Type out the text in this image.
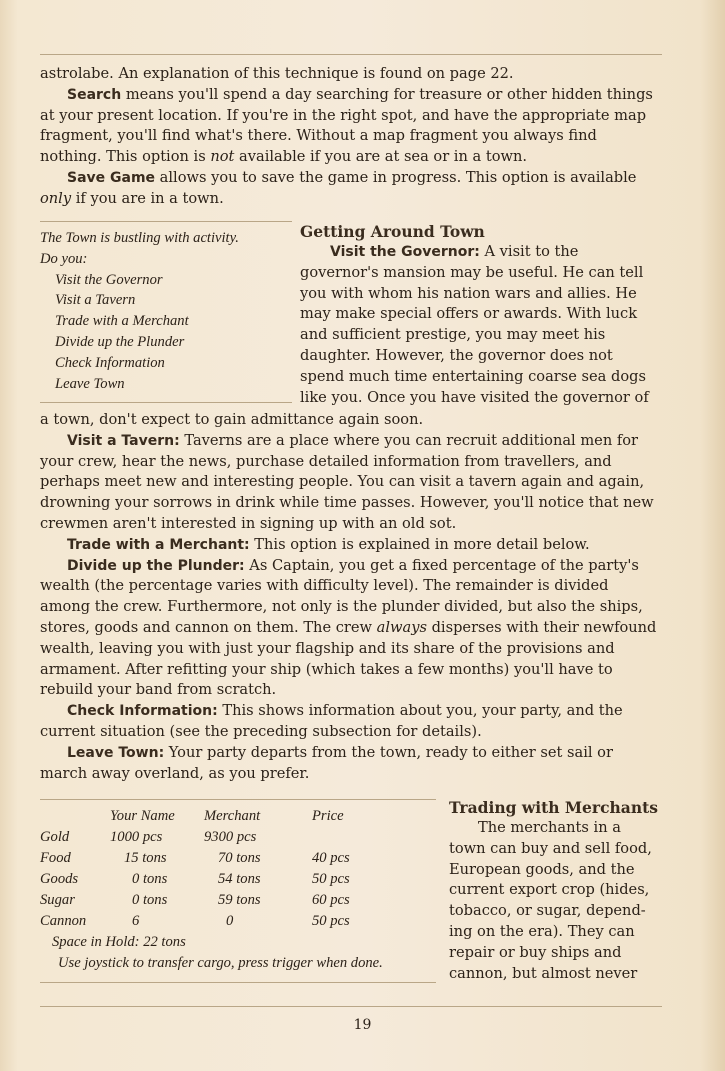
astrolabe. An explanation of this technique is found on page 22.

Search means you'll spend a day searching for treasure or other hidden things at your present location. If you're in the right spot, and have the appropriate map fragment, you'll find what's there. Without a map fragment you always find nothing. This option is not available if you are at sea or in a town.

Save Game allows you to save the game in progress. This option is available only if you are in a town.

The Town is bustling with activity.
Do you:
Visit the Governor
Visit a Tavern
Trade with a Merchant
Divide up the Plunder
Check Information
Leave Town
Getting Around Town
Visit the Governor: A visit to the
governor's mansion may be useful. He can tell
you with whom his nation wars and allies. He
may make special offers or awards. With luck
and sufficient prestige, you may meet his
daughter. However, the governor does not
spend much time entertaining coarse sea dogs
like you. Once you have visited the governor of

a town, don't expect to gain admittance again soon.

Visit a Tavern: Taverns are a place where you can recruit additional men for your crew, hear the news, purchase detailed information from travellers, and perhaps meet new and interesting people. You can visit a tavern again and again, drowning your sorrows in drink while time passes. However, you'll notice that new crewmen aren't interested in signing up with an old sot.

Trade with a Merchant: This option is explained in more detail below.

Divide up the Plunder: As Captain, you get a fixed percentage of the party's wealth (the percentage varies with difficulty level). The remainder is divided among the crew. Furthermore, not only is the plunder divided, but also the ships, stores, goods and cannon on them. The crew always disperses with their newfound wealth, leaving you with just your flagship and its share of the provisions and armament. After refitting your ship (which takes a few months) you'll have to rebuild your band from scratch.

Check Information: This shows information about you, your party, and the current situation (see the preceding subsection for details).

Leave Town: Your party departs from the town, ready to either set sail or march away overland, as you prefer.

	Your Name	Merchant	Price
Gold	1000 pcs	9300 pcs	
Food	15 tons	70 tons	40 pcs
Goods	0 tons	54 tons	50 pcs
Sugar	0 tons	59 tons	60 pcs
Cannon	6	0	50 pcs
Space in Hold: 22 tons
Use joystick to transfer cargo, press trigger when done.
Trading with Merchants
The merchants in a
town can buy and sell food,
European goods, and the
current export crop (hides,
tobacco, or sugar, depend-
ing on the era). They can
repair or buy ships and
cannon, but almost never
19
